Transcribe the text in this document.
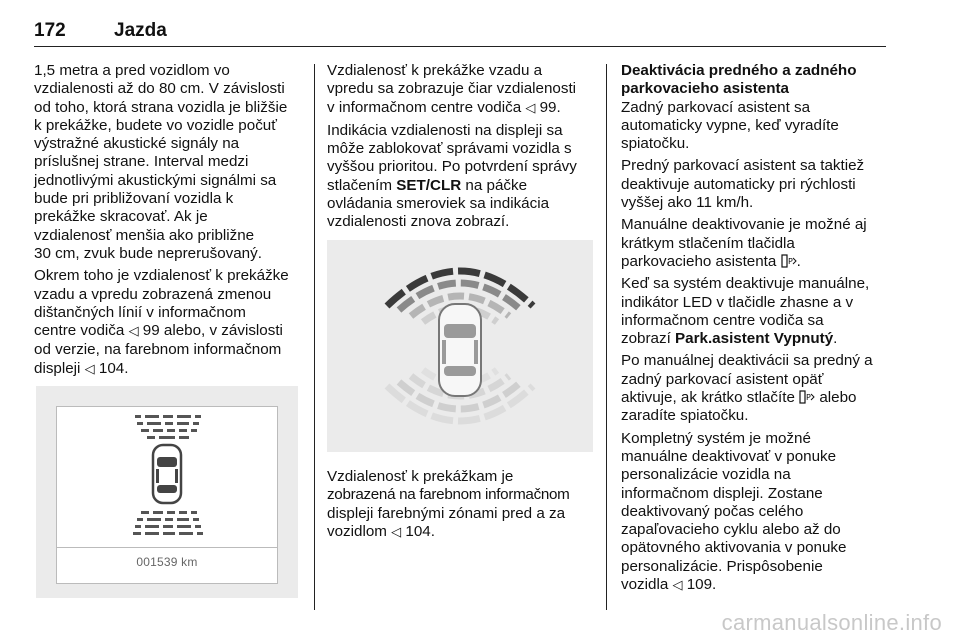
172	Jazda

1,5 metra a pred vozidlom vo
vzdialenosti až do 80 cm. V závislosti
od toho, ktorá strana vozidla je bližšie
k prekážke, budete vo vozidle počuť
výstražné akustické signály na
príslušnej strane. Interval medzi
jednotlivými akustickými signálmi sa
bude pri približovaní vozidla k
prekážke skracovať. Ak je
vzdialenosť menšia ako približne
30 cm, zvuk bude neprerušovaný.

Okrem toho je vzdialenosť k prekážke
vzadu a vpredu zobrazená zmenou
dištančných línií v informačnom
centre vodiča ◁ 99 alebo, v závislosti
od verzie, na farebnom informačnom
displeji ◁ 104.

001539 km

Vzdialenosť k prekážke vzadu a
vpredu sa zobrazuje čiar vzdialenosti
v informačnom centre vodiča ◁ 99.

Indikácia vzdialenosti na displeji sa
môže zablokovať správami vozidla s
vyššou prioritou. Po potvrdení správy
stlačením SET/CLR na páčke
ovládania smeroviek sa indikácia
vzdialenosti znova zobrazí.

Vzdialenosť k prekážkam je
zobrazená na farebnom informačnom
displeji farebnými zónami pred a za
vozidlom ◁ 104.

Deaktivácia predného a zadného
parkovacieho asistenta

Zadný parkovací asistent sa
automaticky vypne, keď vyradíte
spiatočku.

Predný parkovací asistent sa taktiež
deaktivuje automaticky pri rýchlosti
vyššej ako 11 km/h.

Manuálne deaktivovanie je možné aj
krátkym stlačením tlačidla
parkovacieho asistenta P .

Keď sa systém deaktivuje manuálne,
indikátor LED v tlačidle zhasne a v
informačnom centre vodiča sa
zobrazí Park.asistent Vypnutý.

Po manuálnej deaktivácii sa predný a
zadný parkovací asistent opäť
aktivuje, ak krátko stlačíte P alebo
zaradíte spiatočku.

Kompletný systém je možné
manuálne deaktivovať v ponuke
personalizácie vozidla na
informačnom displeji. Zostane
deaktivovaný počas celého
zapaľovacieho cyklu alebo až do
opätovného aktivovania v ponuke
personalizácie. Prispôsobenie
vozidla ◁ 109.

carmanualsonline.info
